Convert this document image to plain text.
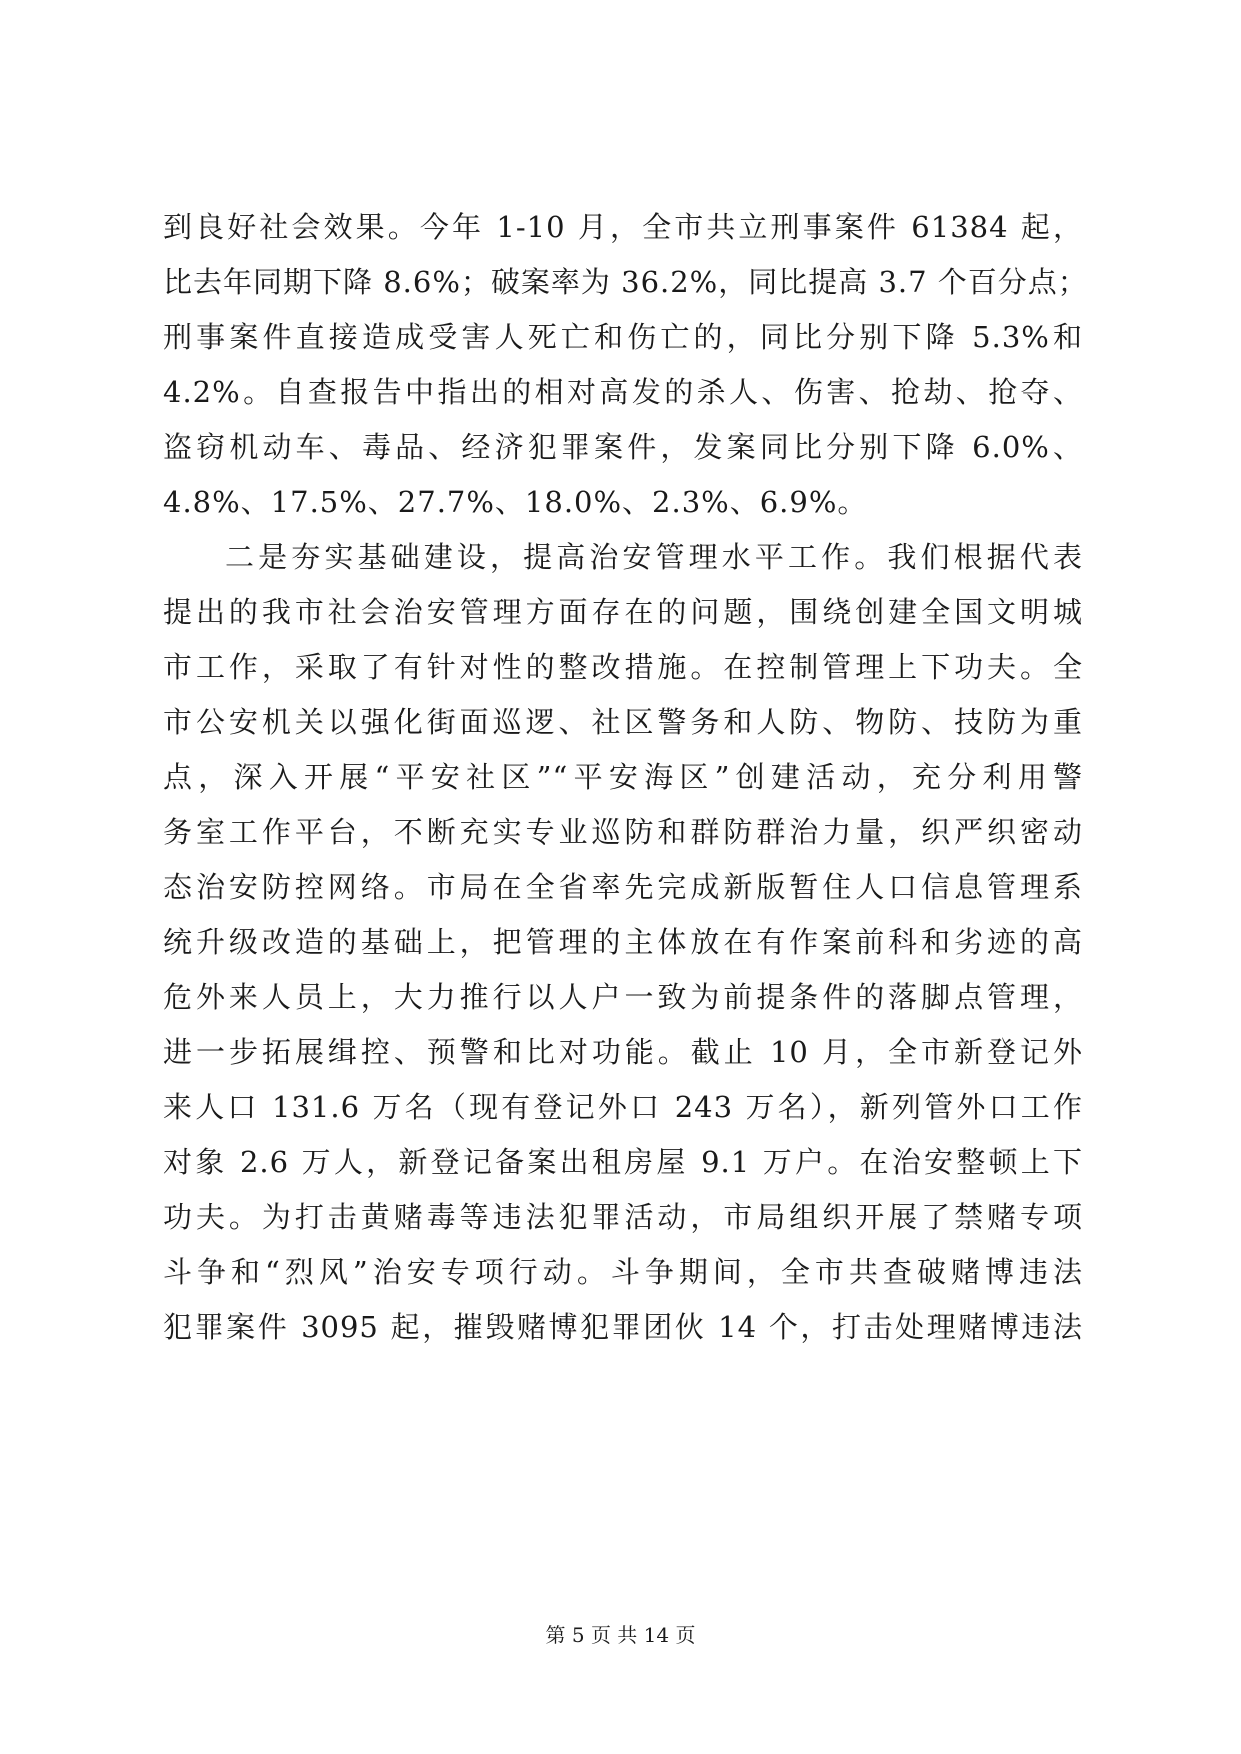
到良好社会效果。今年 1-10 月，全市共立刑事案件 61384 起，
比去年同期下降 8.6%；破案率为 36.2%，同比提高 3.7 个百分点；
刑事案件直接造成受害人死亡和伤亡的，同比分别下降 5.3%和
4.2%。自查报告中指出的相对高发的杀人、伤害、抢劫、抢夺、
盗窃机动车、毒品、经济犯罪案件，发案同比分别下降 6.0%、
4.8%、17.5%、27.7%、18.0%、2.3%、6.9%。
二是夯实基础建设，提高治安管理水平工作。我们根据代表
提出的我市社会治安管理方面存在的问题，围绕创建全国文明城
市工作，采取了有针对性的整改措施。在控制管理上下功夫。全
市公安机关以强化街面巡逻、社区警务和人防、物防、技防为重
点，深入开展“平安社区”“平安海区”创建活动，充分利用警
务室工作平台，不断充实专业巡防和群防群治力量，织严织密动
态治安防控网络。市局在全省率先完成新版暂住人口信息管理系
统升级改造的基础上，把管理的主体放在有作案前科和劣迹的高
危外来人员上，大力推行以人户一致为前提条件的落脚点管理，
进一步拓展缉控、预警和比对功能。截止 10 月，全市新登记外
来人口 131.6 万名（现有登记外口 243 万名），新列管外口工作
对象 2.6 万人，新登记备案出租房屋 9.1 万户。在治安整顿上下
功夫。为打击黄赌毒等违法犯罪活动，市局组织开展了禁赌专项
斗争和“烈风”治安专项行动。斗争期间，全市共查破赌博违法
犯罪案件 3095 起，摧毁赌博犯罪团伙 14 个，打击处理赌博违法
第 5 页 共 14 页
